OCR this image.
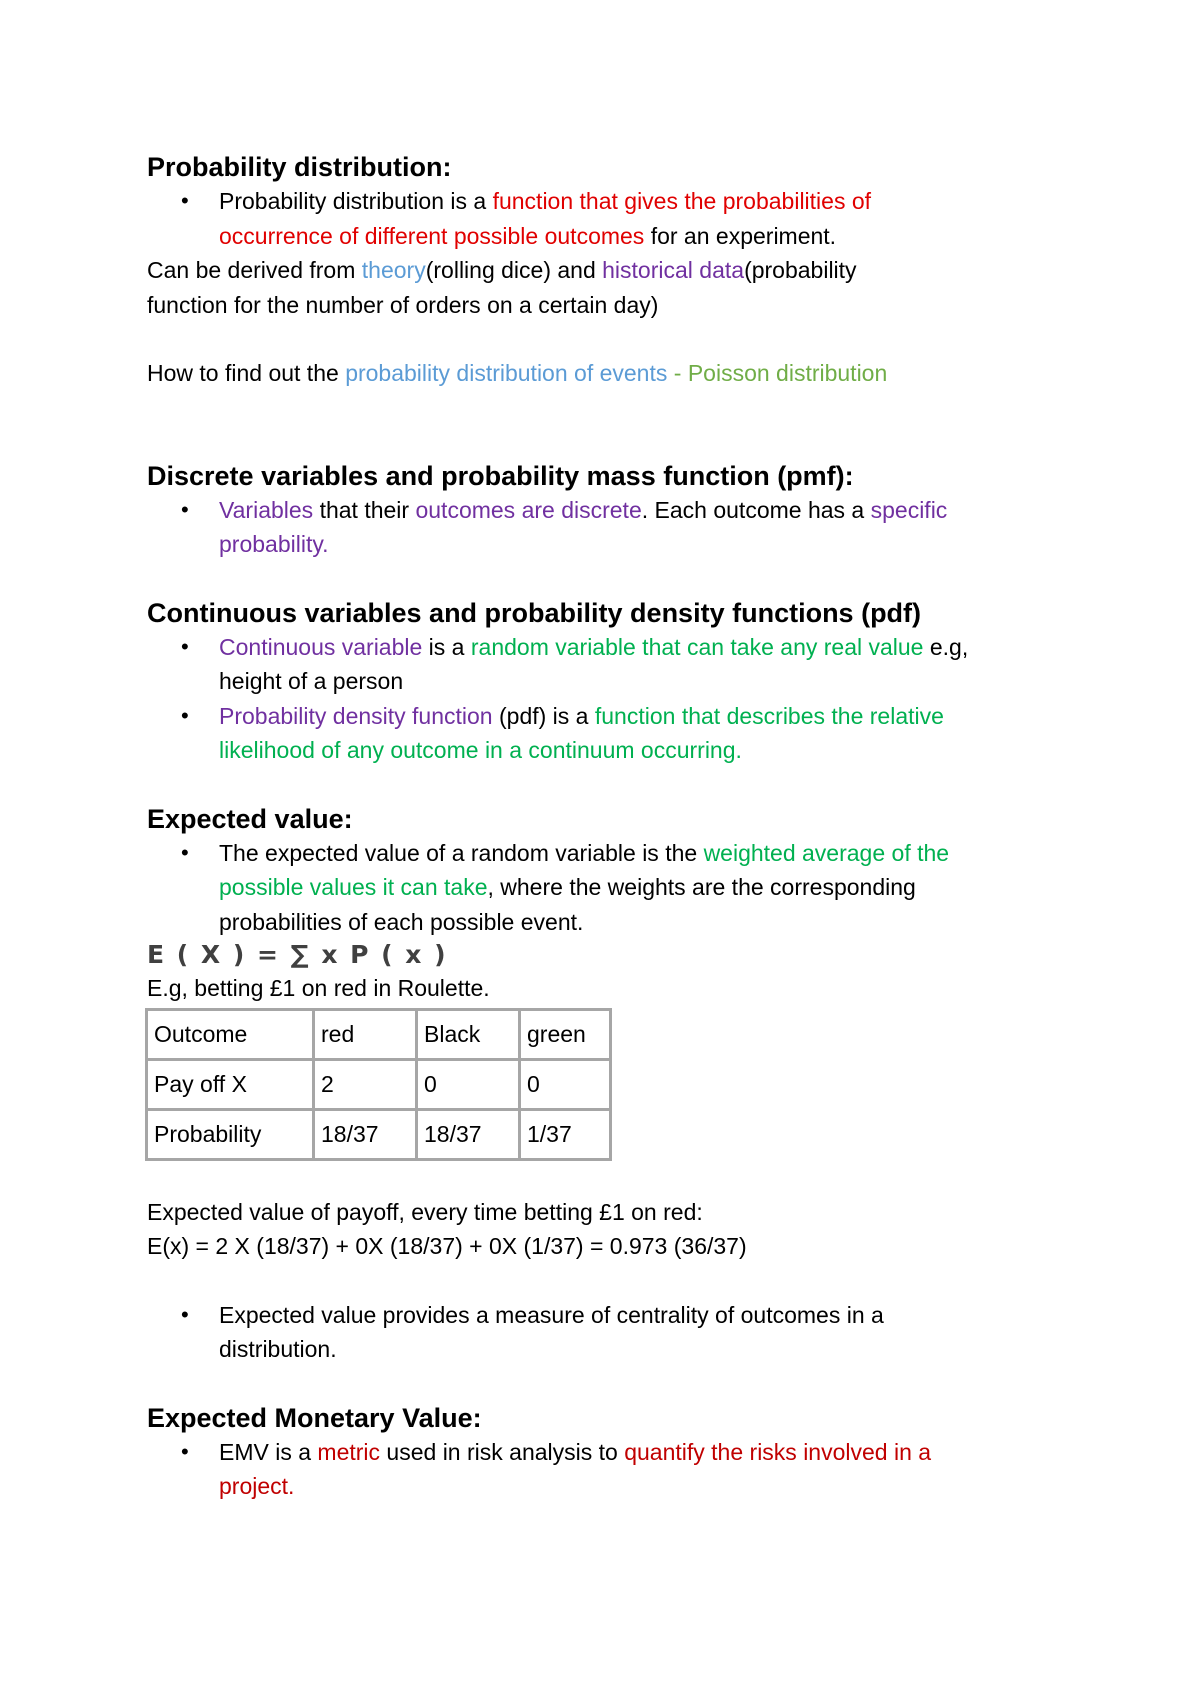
Probability distribution:
• Probability distribution is a function that gives the probabilities of
occurrence of different possible outcomes for an experiment.

Can be derived from theory(rolling dice) and historical data(probability

function for the number of orders on a certain day)

How to find out the probability distribution of events - Poisson distribution

Discrete variables and probability mass function (pmf):
• Variables that their outcomes are discrete. Each outcome has a specific
probability.
Continuous variables and probability density functions (pdf)
• Continuous variable is a random variable that can take any real value e.g,
height of a person
• Probability density function (pdf) is a function that describes the relative
likelihood of any outcome in a continuum occurring.
Expected value:
• The expected value of a random variable is the weighted average of the
possible values it can take, where the weights are the corresponding
probabilities of each possible event.
E ( X ) = ∑ x P ( x )

E.g, betting £1 on red in Roulette.

Outcome	red	Black	green
Pay off X	2	0	0
Probability	18/37	18/37	1/37

Expected value of payoff, every time betting £1 on red:

E(x) = 2 X (18/37) + 0X (18/37) + 0X (1/37) = 0.973 (36/37)

• Expected value provides a measure of centrality of outcomes in a
distribution.
Expected Monetary Value:
• EMV is a metric used in risk analysis to quantify the risks involved in a
project.
